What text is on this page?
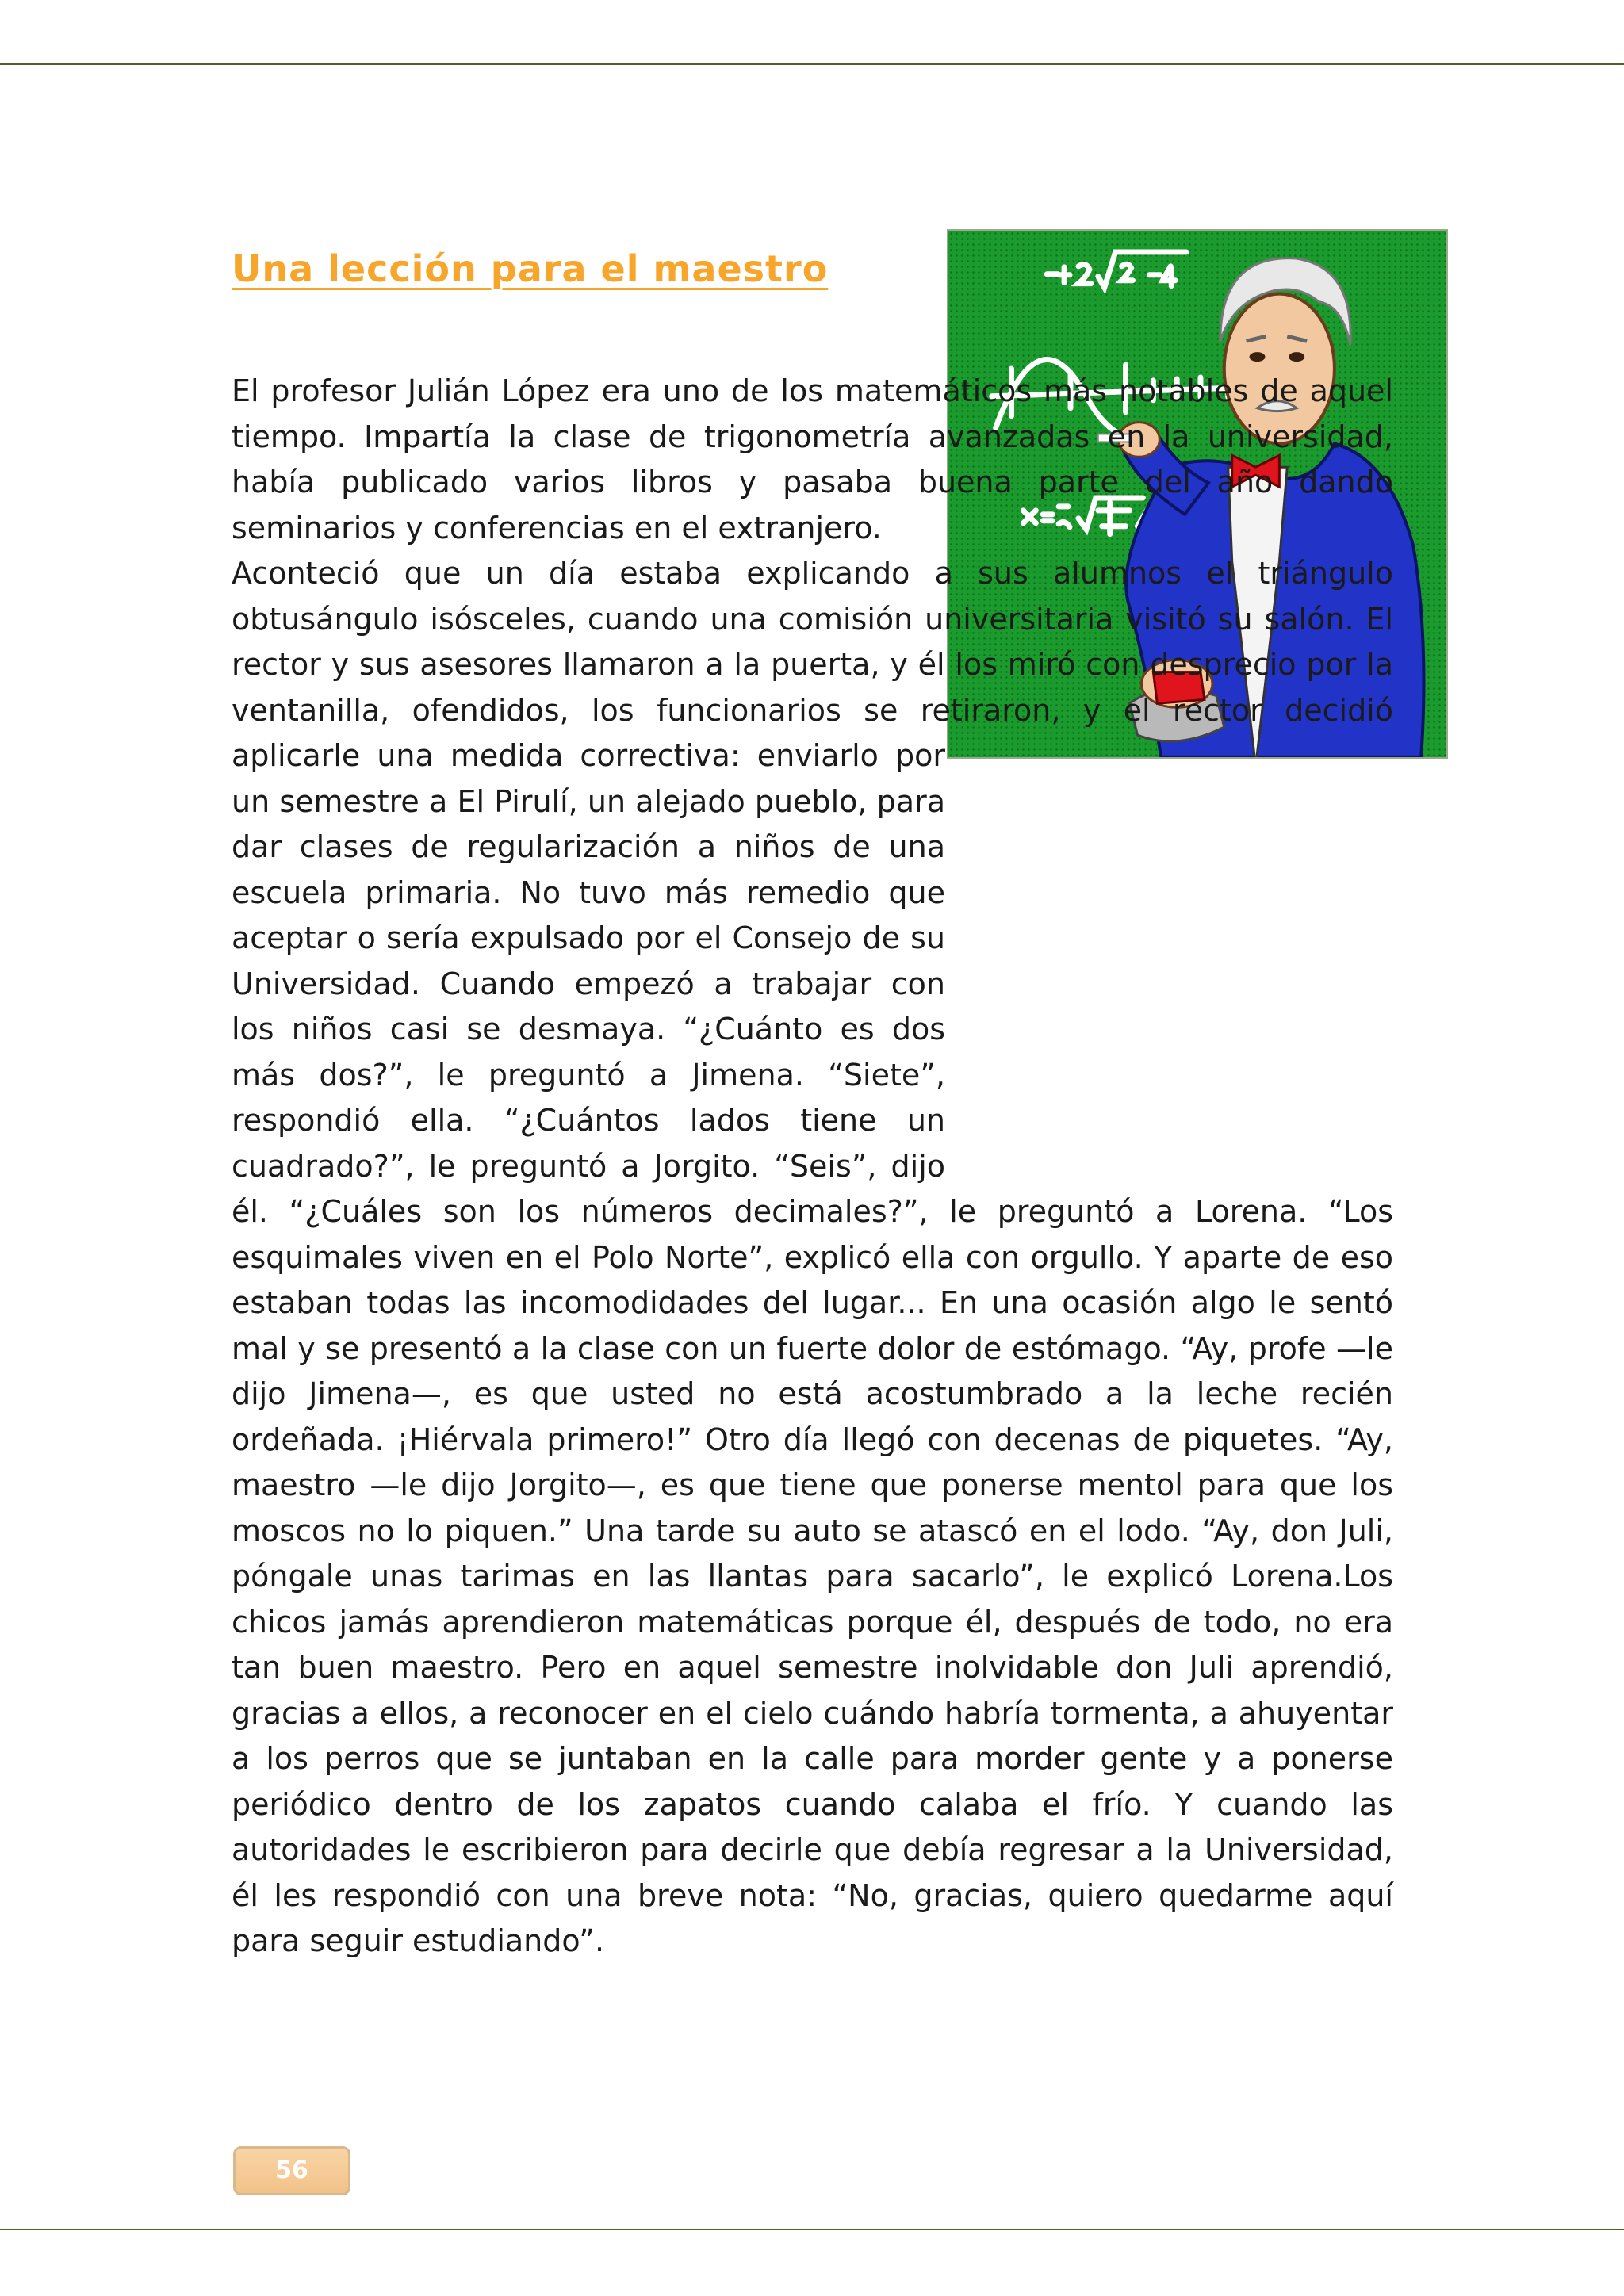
Una lección para el maestro
El profesor Julián López era uno de los matemáticos más notables de aquel tiempo. Impartía la clase de trigonometría avanzadas en la universidad, había publicado varios libros y pasaba buena parte del año dando seminarios y conferencias en el extranjero.
Aconteció que un día estaba explicando a sus alumnos el triángulo obtusángulo isósceles, cuando una comisión universitaria visitó su salón. El rector y sus asesores llamaron a la puerta, y él los miró con desprecio por la ventanilla, ofendidos, los funcionarios se retiraron, y el rector decidió aplicarle una medida correctiva: enviarlo por un semestre a El Pirulí, un alejado pueblo, para dar clases de regularización a niños de una escuela primaria. No tuvo más remedio que aceptar o sería expulsado por el Consejo de su Universidad. Cuando empezó a trabajar con los niños casi se desmaya. “¿Cuánto es dos más dos?”, le preguntó a Jimena. “Siete”, respondió ella. “¿Cuántos lados tiene un cuadrado?”, le preguntó a Jorgito. “Seis”, dijo él. “¿Cuáles son los números decimales?”, le preguntó a Lorena. “Los esquimales viven en el Polo Norte”, explicó ella con orgullo. Y aparte de eso estaban todas las incomodidades del lugar... En una ocasión algo le sentó mal y se presentó a la clase con un fuerte dolor de estómago. “Ay, profe —le dijo Jimena—, es que usted no está acostumbrado a la leche recién ordeñada. ¡Hiérvala primero!” Otro día llegó con decenas de piquetes. “Ay, maestro —le dijo Jorgito—, es que tiene que ponerse mentol para que los moscos no lo piquen.” Una tarde su auto se atascó en el lodo. “Ay, don Juli, póngale unas tarimas en las llantas para sacarlo”, le explicó Lorena.Los chicos jamás aprendieron matemáticas porque él, después de todo, no era tan buen maestro. Pero en aquel semestre inolvidable don Juli aprendió, gracias a ellos, a reconocer en el cielo cuándo habría tormenta, a ahuyentar a los perros que se juntaban en la calle para morder gente y a ponerse periódico dentro de los zapatos cuando calaba el frío. Y cuando las autoridades le escribieron para decirle que debía regresar a la Universidad, él les respondió con una breve nota: “No, gracias, quiero quedarme aquí para seguir estudiando”.
56
